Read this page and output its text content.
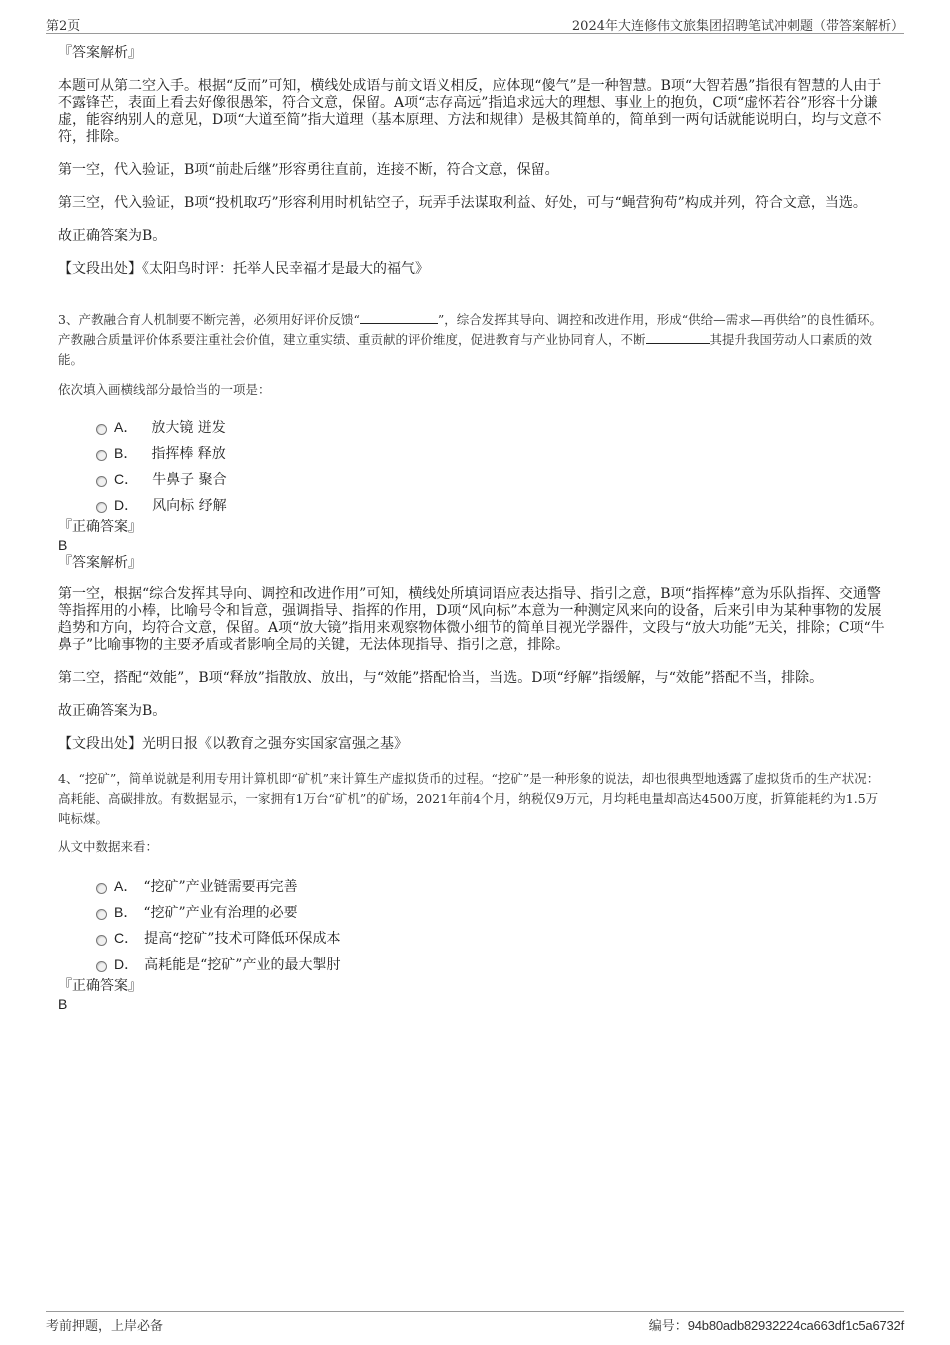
第2页	2024年大连修伟文旅集团招聘笔试冲刺题（带答案解析）
『答案解析』

本题可从第二空入手。根据“反而”可知，横线处成语与前文语义相反，应体现“傻气”是一种智慧。B项“大智若愚”指很有智慧的人由于不露锋芒，表面上看去好像很愚笨，符合文意，保留。A项“志存高远”指追求远大的理想、事业上的抱负，C项“虚怀若谷”形容十分谦虚，能容纳别人的意见，D项“大道至简”指大道理（基本原理、方法和规律）是极其简单的，简单到一两句话就能说明白，均与文意不符，排除。

第一空，代入验证，B项“前赴后继”形容勇往直前，连接不断，符合文意，保留。

第三空，代入验证，B项“投机取巧”形容利用时机钻空子，玩弄手法谋取利益、好处，可与“蝇营狗苟”构成并列，符合文意，当选。

故正确答案为B。

【文段出处】《太阳鸟时评：托举人民幸福才是最大的福气》

3、产教融合育人机制要不断完善，必须用好评价反馈“	”，综合发挥其导向、调控和改进作用，形成“供给—需求—再供给”的良性循环。产教融合质量评价体系要注重社会价值，建立重实绩、重贡献的评价维度，促进教育与产业协同育人，不断	其提升我国劳动人口素质的效能。
依次填入画横线部分最恰当的一项是：
A． 放大镜 迸发
B． 指挥棒 释放
C． 牛鼻子 聚合
D． 风向标 纾解
『正确答案』
B
『答案解析』

第一空，根据“综合发挥其导向、调控和改进作用”可知，横线处所填词语应表达指导、指引之意，B项“指挥棒”意为乐队指挥、交通警等指挥用的小棒，比喻号令和旨意，强调指导、指挥的作用，D项“风向标”本意为一种测定风来向的设备，后来引申为某种事物的发展趋势和方向，均符合文意，保留。A项“放大镜”指用来观察物体微小细节的简单目视光学器件，文段与“放大功能”无关，排除；C项“牛鼻子”比喻事物的主要矛盾或者影响全局的关键，无法体现指导、指引之意，排除。

第二空，搭配“效能”，B项“释放”指散放、放出，与“效能”搭配恰当，当选。D项“纾解”指缓解，与“效能”搭配不当，排除。

故正确答案为B。

【文段出处】光明日报《以教育之强夯实国家富强之基》

4、“挖矿”，简单说就是利用专用计算机即“矿机”来计算生产虚拟货币的过程。“挖矿”是一种形象的说法，却也很典型地透露了虚拟货币的生产状况：高耗能、高碳排放。有数据显示，一家拥有1万台“矿机”的矿场，2021年前4个月，纳税仅9万元，月均耗电量却高达4500万度，折算能耗约为1.5万吨标煤。
从文中数据来看：
A． “挖矿”产业链需要再完善
B． “挖矿”产业有治理的必要
C． 提高“挖矿”技术可降低环保成本
D． 高耗能是“挖矿”产业的最大掣肘
『正确答案』
B
考前押题，上岸必备	编号：94b80adb82932224ca663df1c5a6732f
